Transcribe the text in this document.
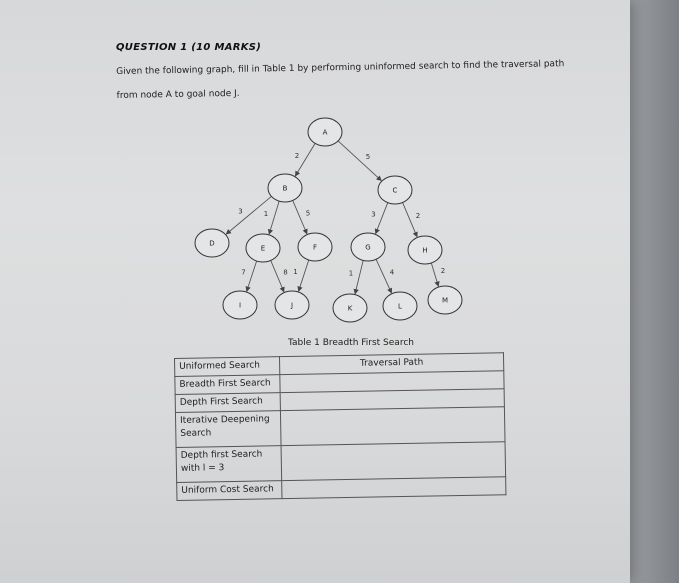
QUESTION 1 (10 MARKS)
Given the following graph, fill in Table 1 by performing uninformed search to find the traversal path from node A to goal node J.
2	5
3	1	5	3	2
7	8 1	1	4	2
A
B	C
D
E	F	G	H
I	J	K	L
M
Table 1 Breadth First Search
Uniformed Search	Traversal Path
Breadth First Search	
Depth First Search	
Iterative Deepening Search	
Depth first Search with l = 3	
Uniform Cost Search	
